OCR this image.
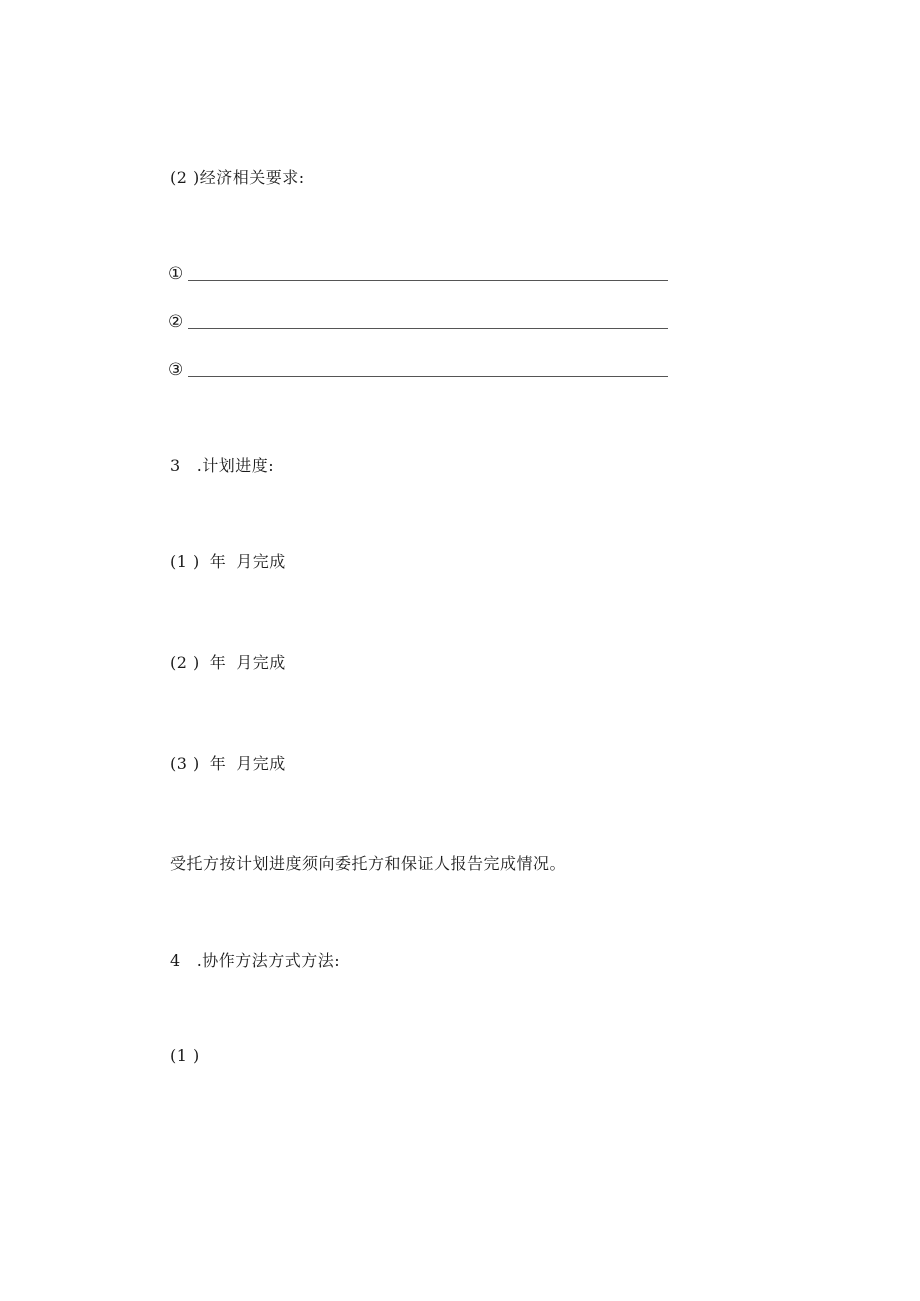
(2 )经济相关要求:
①
②
③
3 .计划进度:
(1 ) 年 月完成
(2 ) 年 月完成
(3 ) 年 月完成
受托方按计划进度须向委托方和保证人报告完成情况。
4 .协作方法方式方法:
(1 )
